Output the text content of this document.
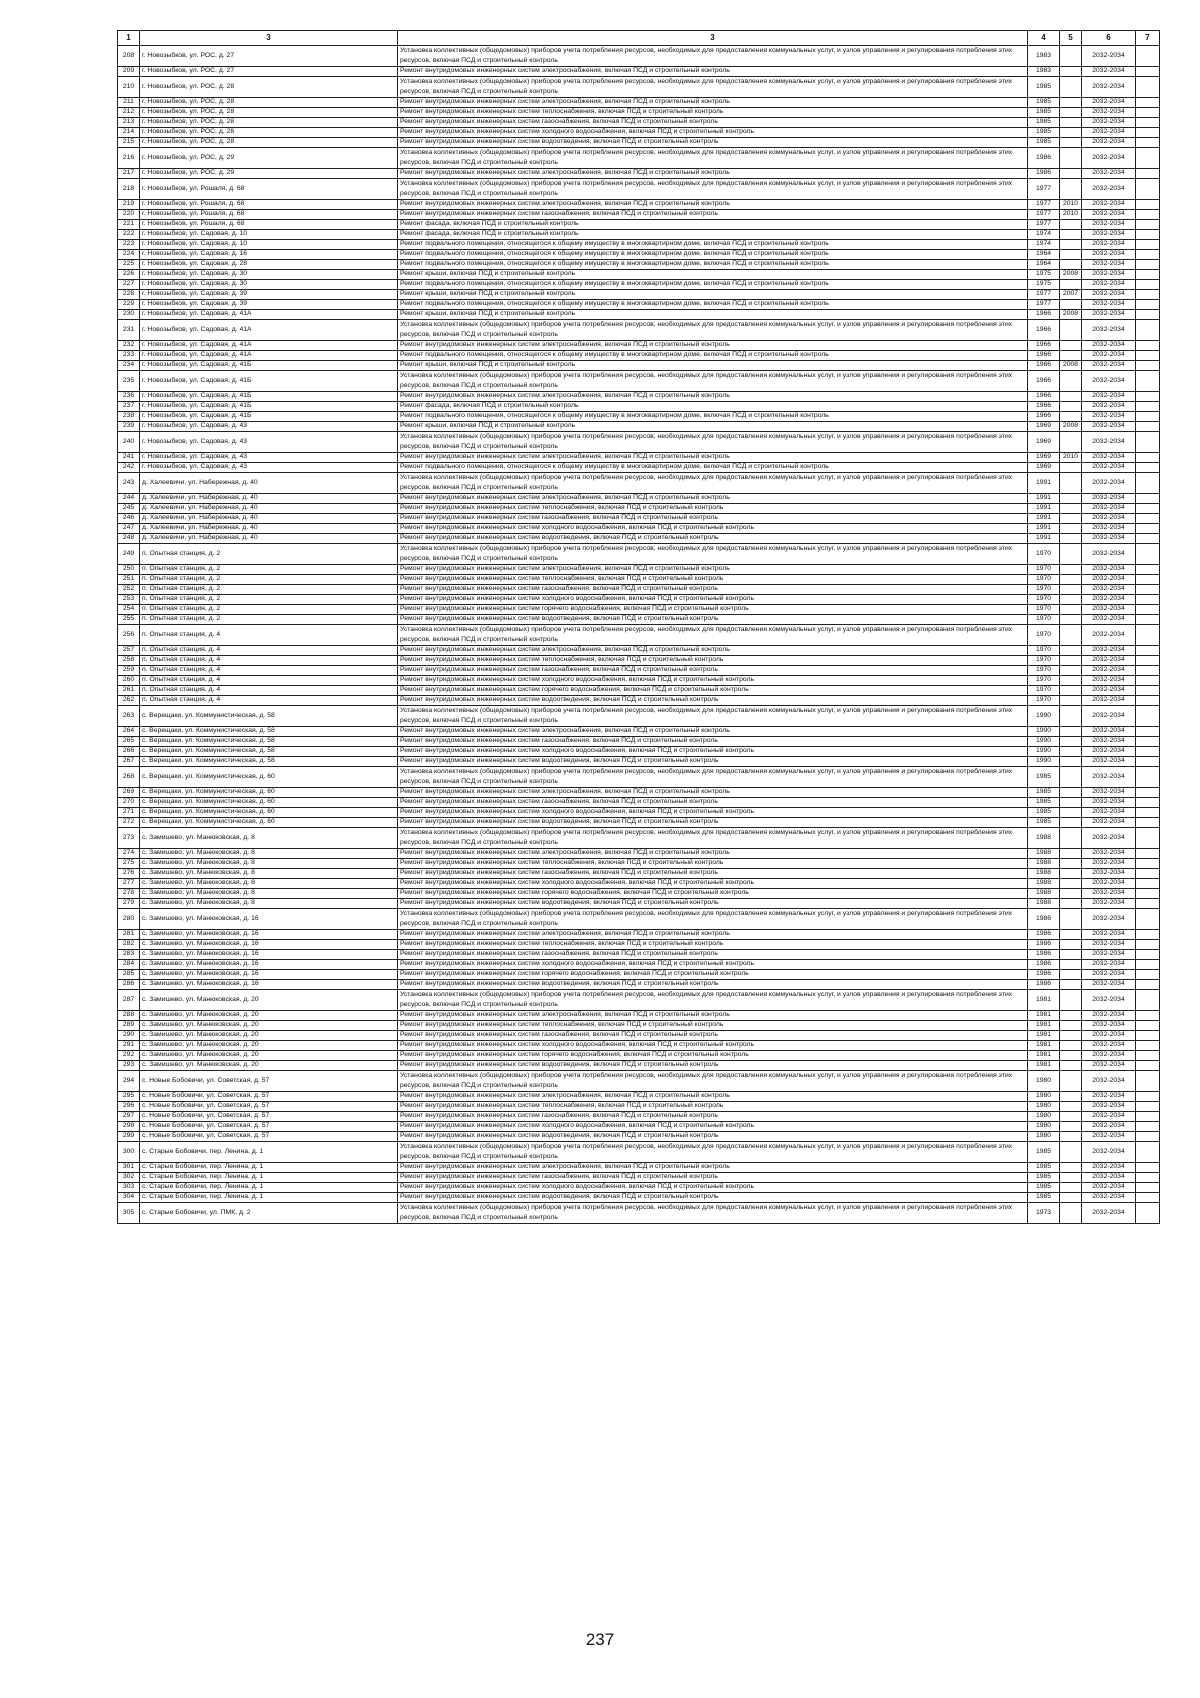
1	3	3	4	5	6	7
208	г. Новозыбков, ул. РОС, д. 27	Установка коллективных (общедомовых) приборов учета потребления ресурсов, необходимых для предоставления коммунальных услуг, и узлов управления и регулирования потребления этих ресурсов, включая ПСД и строительный контроль	1983		2032-2034	
209	г. Новозыбков, ул. РОС, д. 27	Ремонт внутридомовых инженерных систем электроснабжения, включая ПСД и строительный контроль	1983		2032-2034	
210	г. Новозыбков, ул. РОС, д. 28	Установка коллективных (общедомовых) приборов учета потребления ресурсов, необходимых для предоставления коммунальных услуг, и узлов управления и регулирования потребления этих ресурсов, включая ПСД и строительный контроль	1985		2032-2034	
211	г. Новозыбков, ул. РОС, д. 28	Ремонт внутридомовых инженерных систем электроснабжения, включая ПСД и строительный контроль	1985		2032-2034	
212	г. Новозыбков, ул. РОС, д. 28	Ремонт внутридомовых инженерных систем теплоснабжения, включая ПСД и строительный контроль	1985		2032-2034	
213	г. Новозыбков, ул. РОС, д. 28	Ремонт внутридомовых инженерных систем газоснабжения, включая ПСД и строительный контроль	1985		2032-2034	
214	г. Новозыбков, ул. РОС, д. 28	Ремонт внутридомовых инженерных систем холодного водоснабжения, включая ПСД и строительный контроль	1985		2032-2034	
215	г. Новозыбков, ул. РОС, д. 28	Ремонт внутридомовых инженерных систем водоотведения, включая ПСД и строительный контроль	1985		2032-2034	
216	г. Новозыбков, ул. РОС, д. 29	Установка коллективных (общедомовых) приборов учета потребления ресурсов, необходимых для предоставления коммунальных услуг, и узлов управления и регулирования потребления этих ресурсов, включая ПСД и строительный контроль	1986		2032-2034	
217	г. Новозыбков, ул. РОС, д. 29	Ремонт внутридомовых инженерных систем электроснабжения, включая ПСД и строительный контроль	1986		2032-2034	
218	г. Новозыбков, ул. Рошаля, д. 68	Установка коллективных (общедомовых) приборов учета потребления ресурсов, необходимых для предоставления коммунальных услуг, и узлов управления и регулирования потребления этих ресурсов, включая ПСД и строительный контроль	1977		2032-2034	
219	г. Новозыбков, ул. Рошаля, д. 68	Ремонт внутридомовых инженерных систем электроснабжения, включая ПСД и строительный контроль	1977	2010	2032-2034	
220	г. Новозыбков, ул. Рошаля, д. 68	Ремонт внутридомовых инженерных систем газоснабжения, включая ПСД и строительный контроль	1977	2010	2032-2034	
221	г. Новозыбков, ул. Рошаля, д. 68	Ремонт фасада, включая ПСД и строительный контроль	1977		2032-2034	
222	г. Новозыбков, ул. Садовая, д. 10	Ремонт фасада, включая ПСД и строительный контроль	1974		2032-2034	
223	г. Новозыбков, ул. Садовая, д. 10	Ремонт подвального помещения, относящегося к общему имуществу в многоквартирном доме, включая ПСД и строительный контроль	1974		2032-2034	
224	г. Новозыбков, ул. Садовая, д. 16	Ремонт подвального помещения, относящегося к общему имуществу в многоквартирном доме, включая ПСД и строительный контроль	1964		2032-2034	
225	г. Новозыбков, ул. Садовая, д. 28	Ремонт подвального помещения, относящегося к общему имуществу в многоквартирном доме, включая ПСД и строительный контроль	1964		2032-2034	
226	г. Новозыбков, ул. Садовая, д. 30	Ремонт крыши, включая ПСД и строительный контроль	1975	2008	2032-2034	
227	г. Новозыбков, ул. Садовая, д. 30	Ремонт подвального помещения, относящегося к общему имуществу в многоквартирном доме, включая ПСД и строительный контроль	1975		2032-2034	
228	г. Новозыбков, ул. Садовая, д. 39	Ремонт крыши, включая ПСД и строительный контроль	1977	2007	2032-2034	
229	г. Новозыбков, ул. Садовая, д. 39	Ремонт подвального помещения, относящегося к общему имуществу в многоквартирном доме, включая ПСД и строительный контроль	1977		2032-2034	
230	г. Новозыбков, ул. Садовая, д. 41А	Ремонт крыши, включая ПСД и строительный контроль	1966	2008	2032-2034	
231	г. Новозыбков, ул. Садовая, д. 41А	Установка коллективных (общедомовых) приборов учета потребления ресурсов, необходимых для предоставления коммунальных услуг, и узлов управления и регулирования потребления этих ресурсов, включая ПСД и строительный контроль	1966		2032-2034	
232	г. Новозыбков, ул. Садовая, д. 41А	Ремонт внутридомовых инженерных систем электроснабжения, включая ПСД и строительный контроль	1966		2032-2034	
233	г. Новозыбков, ул. Садовая, д. 41А	Ремонт подвального помещения, относящегося к общему имуществу в многоквартирном доме, включая ПСД и строительный контроль	1966		2032-2034	
234	г. Новозыбков, ул. Садовая, д. 41Б	Ремонт крыши, включая ПСД и строительный контроль	1966	2008	2032-2034	
235	г. Новозыбков, ул. Садовая, д. 41Б	Установка коллективных (общедомовых) приборов учета потребления ресурсов, необходимых для предоставления коммунальных услуг, и узлов управления и регулирования потребления этих ресурсов, включая ПСД и строительный контроль	1966		2032-2034	
236	г. Новозыбков, ул. Садовая, д. 41Б	Ремонт внутридомовых инженерных систем электроснабжения, включая ПСД и строительный контроль	1966		2032-2034	
237	г. Новозыбков, ул. Садовая, д. 41Б	Ремонт фасада, включая ПСД и строительный контроль	1966		2032-2034	
238	г. Новозыбков, ул. Садовая, д. 41Б	Ремонт подвального помещения, относящегося к общему имуществу в многоквартирном доме, включая ПСД и строительный контроль	1966		2032-2034	
239	г. Новозыбков, ул. Садовая, д. 43	Ремонт крыши, включая ПСД и строительный контроль	1969	2008	2032-2034	
240	г. Новозыбков, ул. Садовая, д. 43	Установка коллективных (общедомовых) приборов учета потребления ресурсов, необходимых для предоставления коммунальных услуг, и узлов управления и регулирования потребления этих ресурсов, включая ПСД и строительный контроль	1969		2032-2034	
241	г. Новозыбков, ул. Садовая, д. 43	Ремонт внутридомовых инженерных систем электроснабжения, включая ПСД и строительный контроль	1969	2010	2032-2034	
242	г. Новозыбков, ул. Садовая, д. 43	Ремонт подвального помещения, относящегося к общему имуществу в многоквартирном доме, включая ПСД и строительный контроль	1969		2032-2034	
243	д. Халеевичи, ул. Набережная, д. 40	Установка коллективных (общедомовых) приборов учета потребления ресурсов, необходимых для предоставления коммунальных услуг, и узлов управления и регулирования потребления этих ресурсов, включая ПСД и строительный контроль	1991		2032-2034	
244	д. Халеевичи, ул. Набережная, д. 40	Ремонт внутридомовых инженерных систем электроснабжения, включая ПСД и строительный контроль	1991		2032-2034	
245	д. Халеевичи, ул. Набережная, д. 40	Ремонт внутридомовых инженерных систем теплоснабжения, включая ПСД и строительный контроль	1991		2032-2034	
246	д. Халеевичи, ул. Набережная, д. 40	Ремонт внутридомовых инженерных систем газоснабжения, включая ПСД и строительный контроль	1991		2032-2034	
247	д. Халеевичи, ул. Набережная, д. 40	Ремонт внутридомовых инженерных систем холодного водоснабжения, включая ПСД и строительный контроль	1991		2032-2034	
248	д. Халеевичи, ул. Набережная, д. 40	Ремонт внутридомовых инженерных систем водоотведения, включая ПСД и строительный контроль	1991		2032-2034	
249	п. Опытная станция, д. 2	Установка коллективных (общедомовых) приборов учета потребления ресурсов, необходимых для предоставления коммунальных услуг, и узлов управления и регулирования потребления этих ресурсов, включая ПСД и строительный контроль	1970		2032-2034	
250	п. Опытная станция, д. 2	Ремонт внутридомовых инженерных систем электроснабжения, включая ПСД и строительный контроль	1970		2032-2034	
251	п. Опытная станция, д. 2	Ремонт внутридомовых инженерных систем теплоснабжения, включая ПСД и строительный контроль	1970		2032-2034	
252	п. Опытная станция, д. 2	Ремонт внутридомовых инженерных систем газоснабжения, включая ПСД и строительный контроль	1970		2032-2034	
253	п. Опытная станция, д. 2	Ремонт внутридомовых инженерных систем холодного водоснабжения, включая ПСД и строительный контроль	1970		2032-2034	
254	п. Опытная станция, д. 2	Ремонт внутридомовых инженерных систем горячего водоснабжения, включая ПСД и строительный контроль	1970		2032-2034	
255	п. Опытная станция, д. 2	Ремонт внутридомовых инженерных систем водоотведения, включая ПСД и строительный контроль	1970		2032-2034	
256	п. Опытная станция, д. 4	Установка коллективных (общедомовых) приборов учета потребления ресурсов, необходимых для предоставления коммунальных услуг, и узлов управления и регулирования потребления этих ресурсов, включая ПСД и строительный контроль	1970		2032-2034	
257	п. Опытная станция, д. 4	Ремонт внутридомовых инженерных систем электроснабжения, включая ПСД и строительный контроль	1970		2032-2034	
258	п. Опытная станция, д. 4	Ремонт внутридомовых инженерных систем теплоснабжения, включая ПСД и строительный контроль	1970		2032-2034	
259	п. Опытная станция, д. 4	Ремонт внутридомовых инженерных систем газоснабжения, включая ПСД и строительный контроль	1970		2032-2034	
260	п. Опытная станция, д. 4	Ремонт внутридомовых инженерных систем холодного водоснабжения, включая ПСД и строительный контроль	1970		2032-2034	
261	п. Опытная станция, д. 4	Ремонт внутридомовых инженерных систем горячего водоснабжения, включая ПСД и строительный контроль	1970		2032-2034	
262	п. Опытная станция, д. 4	Ремонт внутридомовых инженерных систем водоотведения, включая ПСД и строительный контроль	1970		2032-2034	
263	с. Верещаки, ул. Коммунистическая, д. 58	Установка коллективных (общедомовых) приборов учета потребления ресурсов, необходимых для предоставления коммунальных услуг, и узлов управления и регулирования потребления этих ресурсов, включая ПСД и строительный контроль	1990		2032-2034	
264	с. Верещаки, ул. Коммунистическая, д. 58	Ремонт внутридомовых инженерных систем электроснабжения, включая ПСД и строительный контроль	1990		2032-2034	
265	с. Верещаки, ул. Коммунистическая, д. 58	Ремонт внутридомовых инженерных систем газоснабжения, включая ПСД и строительный контроль	1990		2032-2034	
266	с. Верещаки, ул. Коммунистическая, д. 58	Ремонт внутридомовых инженерных систем холодного водоснабжения, включая ПСД и строительный контроль	1990		2032-2034	
267	с. Верещаки, ул. Коммунистическая, д. 58	Ремонт внутридомовых инженерных систем водоотведения, включая ПСД и строительный контроль	1990		2032-2034	
268	с. Верещаки, ул. Коммунистическая, д. 60	Установка коллективных (общедомовых) приборов учета потребления ресурсов, необходимых для предоставления коммунальных услуг, и узлов управления и регулирования потребления этих ресурсов, включая ПСД и строительный контроль	1985		2032-2034	
269	с. Верещаки, ул. Коммунистическая, д. 60	Ремонт внутридомовых инженерных систем электроснабжения, включая ПСД и строительный контроль	1985		2032-2034	
270	с. Верещаки, ул. Коммунистическая, д. 60	Ремонт внутридомовых инженерных систем газоснабжения, включая ПСД и строительный контроль	1985		2032-2034	
271	с. Верещаки, ул. Коммунистическая, д. 60	Ремонт внутридомовых инженерных систем холодного водоснабжения, включая ПСД и строительный контроль	1985		2032-2034	
272	с. Верещаки, ул. Коммунистическая, д. 60	Ремонт внутридомовых инженерных систем водоотведения, включая ПСД и строительный контроль	1985		2032-2034	
273	с. Замишево, ул. Манюковская, д. 8	Установка коллективных (общедомовых) приборов учета потребления ресурсов, необходимых для предоставления коммунальных услуг, и узлов управления и регулирования потребления этих ресурсов, включая ПСД и строительный контроль	1988		2032-2034	
274	с. Замишево, ул. Манюковская, д. 8	Ремонт внутридомовых инженерных систем электроснабжения, включая ПСД и строительный контроль	1988		2032-2034	
275	с. Замишево, ул. Манюковская, д. 8	Ремонт внутридомовых инженерных систем теплоснабжения, включая ПСД и строительный контроль	1988		2032-2034	
276	с. Замишево, ул. Манюковская, д. 8	Ремонт внутридомовых инженерных систем газоснабжения, включая ПСД и строительный контроль	1988		2032-2034	
277	с. Замишево, ул. Манюковская, д. 8	Ремонт внутридомовых инженерных систем холодного водоснабжения, включая ПСД и строительный контроль	1988		2032-2034	
278	с. Замишево, ул. Манюковская, д. 8	Ремонт внутридомовых инженерных систем горячего водоснабжения, включая ПСД и строительный контроль	1988		2032-2034	
279	с. Замишево, ул. Манюковская, д. 8	Ремонт внутридомовых инженерных систем водоотведения, включая ПСД и строительный контроль	1988		2032-2034	
280	с. Замишево, ул. Манюковская, д. 16	Установка коллективных (общедомовых) приборов учета потребления ресурсов, необходимых для предоставления коммунальных услуг, и узлов управления и регулирования потребления этих ресурсов, включая ПСД и строительный контроль	1986		2032-2034	
281	с. Замишево, ул. Манюковская, д. 16	Ремонт внутридомовых инженерных систем электроснабжения, включая ПСД и строительный контроль	1986		2032-2034	
282	с. Замишево, ул. Манюковская, д. 16	Ремонт внутридомовых инженерных систем теплоснабжения, включая ПСД и строительный контроль	1986		2032-2034	
283	с. Замишево, ул. Манюковская, д. 16	Ремонт внутридомовых инженерных систем газоснабжения, включая ПСД и строительный контроль	1986		2032-2034	
284	с. Замишево, ул. Манюковская, д. 16	Ремонт внутридомовых инженерных систем холодного водоснабжения, включая ПСД и строительный контроль	1986		2032-2034	
285	с. Замишево, ул. Манюковская, д. 16	Ремонт внутридомовых инженерных систем горячего водоснабжения, включая ПСД и строительный контроль	1986		2032-2034	
286	с. Замишево, ул. Манюковская, д. 16	Ремонт внутридомовых инженерных систем водоотведения, включая ПСД и строительный контроль	1986		2032-2034	
287	с. Замишево, ул. Манюковская, д. 20	Установка коллективных (общедомовых) приборов учета потребления ресурсов, необходимых для предоставления коммунальных услуг, и узлов управления и регулирования потребления этих ресурсов, включая ПСД и строительный контроль	1981		2032-2034	
288	с. Замишево, ул. Манюковская, д. 20	Ремонт внутридомовых инженерных систем электроснабжения, включая ПСД и строительный контроль	1981		2032-2034	
289	с. Замишево, ул. Манюковская, д. 20	Ремонт внутридомовых инженерных систем теплоснабжения, включая ПСД и строительный контроль	1981		2032-2034	
290	с. Замишево, ул. Манюковская, д. 20	Ремонт внутридомовых инженерных систем газоснабжения, включая ПСД и строительный контроль	1981		2032-2034	
291	с. Замишево, ул. Манюковская, д. 20	Ремонт внутридомовых инженерных систем холодного водоснабжения, включая ПСД и строительный контроль	1981		2032-2034	
292	с. Замишево, ул. Манюковская, д. 20	Ремонт внутридомовых инженерных систем горячего водоснабжения, включая ПСД и строительный контроль	1981		2032-2034	
293	с. Замишево, ул. Манюковская, д. 20	Ремонт внутридомовых инженерных систем водоотведения, включая ПСД и строительный контроль	1981		2032-2034	
294	с. Новые Бобовичи, ул. Советская, д. 57	Установка коллективных (общедомовых) приборов учета потребления ресурсов, необходимых для предоставления коммунальных услуг, и узлов управления и регулирования потребления этих ресурсов, включая ПСД и строительный контроль	1980		2032-2034	
295	с. Новые Бобовичи, ул. Советская, д. 57	Ремонт внутридомовых инженерных систем электроснабжения, включая ПСД и строительный контроль	1980		2032-2034	
296	с. Новые Бобовичи, ул. Советская, д. 57	Ремонт внутридомовых инженерных систем теплоснабжения, включая ПСД и строительный контроль	1980		2032-2034	
297	с. Новые Бобовичи, ул. Советская, д. 57	Ремонт внутридомовых инженерных систем газоснабжения, включая ПСД и строительный контроль	1980		2032-2034	
298	с. Новые Бобовичи, ул. Советская, д. 57	Ремонт внутридомовых инженерных систем холодного водоснабжения, включая ПСД и строительный контроль	1980		2032-2034	
299	с. Новые Бобовичи, ул. Советская, д. 57	Ремонт внутридомовых инженерных систем водоотведения, включая ПСД и строительный контроль	1980		2032-2034	
300	с. Старые Бобовичи, пер. Ленина, д. 1	Установка коллективных (общедомовых) приборов учета потребления ресурсов, необходимых для предоставления коммунальных услуг, и узлов управления и регулирования потребления этих ресурсов, включая ПСД и строительный контроль	1985		2032-2034	
301	с. Старые Бобовичи, пер. Ленина, д. 1	Ремонт внутридомовых инженерных систем электроснабжения, включая ПСД и строительный контроль	1985		2032-2034	
302	с. Старые Бобовичи, пер. Ленина, д. 1	Ремонт внутридомовых инженерных систем газоснабжения, включая ПСД и строительный контроль	1985		2032-2034	
303	с. Старые Бобовичи, пер. Ленина, д. 1	Ремонт внутридомовых инженерных систем холодного водоснабжения, включая ПСД и строительный контроль	1985		2032-2034	
304	с. Старые Бобовичи, пер. Ленина, д. 1	Ремонт внутридомовых инженерных систем водоотведения, включая ПСД и строительный контроль	1985		2032-2034	
305	с. Старые Бобовичи, ул. ПМК, д. 2	Установка коллективных (общедомовых) приборов учета потребления ресурсов, необходимых для предоставления коммунальных услуг, и узлов управления и регулирования потребления этих ресурсов, включая ПСД и строительный контроль	1973		2032-2034	
237
